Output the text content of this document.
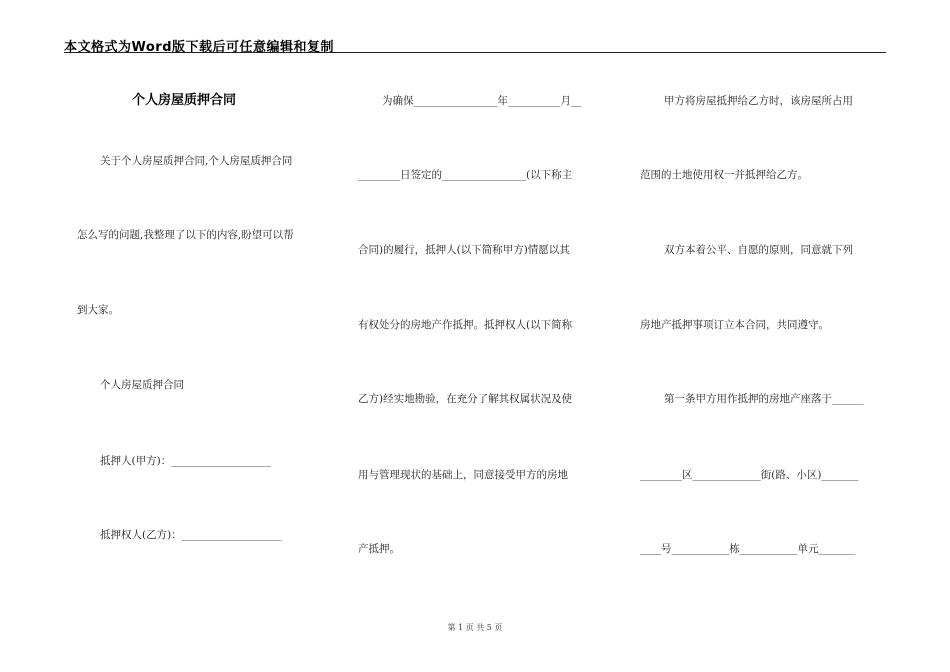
本文格式为Word版下载后可任意编辑和复制
个人房屋质押合同
关于个人房屋质押合同,个人房屋质押合同
怎么写的问题,我整理了以下的内容,盼望可以帮
到大家。
个人房屋质押合同
抵押人(甲方)：___________________
抵押权人(乙方)：___________________
为确保________________年__________月__
________日签定的________________(以下称主
合同)的履行，抵押人(以下简称甲方)情愿以其
有权处分的房地产作抵押。抵押权人(以下简称
乙方)经实地勘验，在充分了解其权属状况及使
用与管理现状的基础上，同意接受甲方的房地
产抵押。
甲方将房屋抵押给乙方时，该房屋所占用
范围的土地使用权一并抵押给乙方。
双方本着公平、自愿的原则，同意就下列
房地产抵押事项订立本合同，共同遵守。
第一条甲方用作抵押的房地产座落于______
________区_____________街(路、小区)_______
____号___________栋___________单元_______
第 1 页 共 5 页
